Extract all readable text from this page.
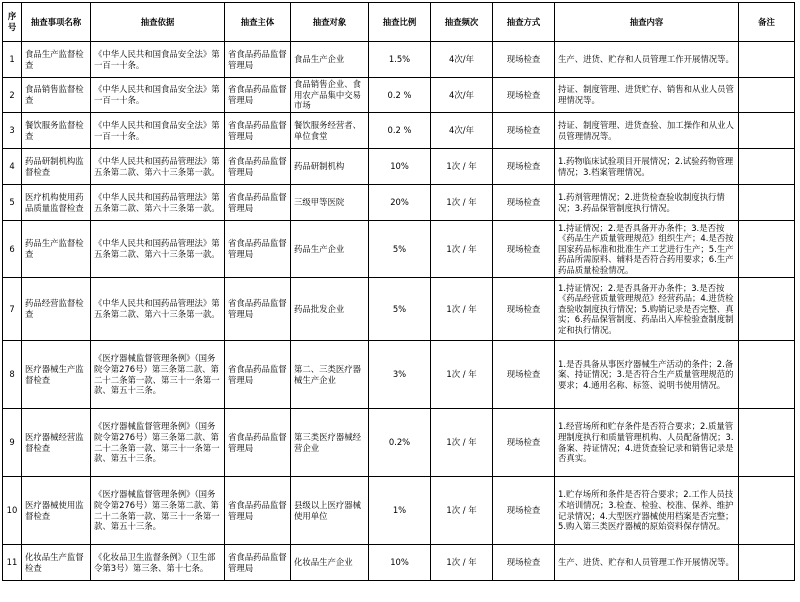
序号	抽查事项名称	抽查依据	抽查主体	抽查对象	抽查比例	抽查频次	抽查方式	抽查内容	备注
1	食品生产监督检查	《中华人民共和国食品安全法》第一百一十条。	省食品药品监督管理局	食品生产企业	1.5%	4次/年	现场检查	生产、进货、贮存和人员管理工作开展情况等。	
2	食品销售监督检查	《中华人民共和国食品安全法》第一百一十条。	省食品药品监督管理局	食品销售企业、食用农产品集中交易市场	0.2 %	4次/年	现场检查	持证、制度管理、进货贮存、销售和从业人员管理情况等。	
3	餐饮服务监督检查	《中华人民共和国食品安全法》第一百一十条。	省食品药品监督管理局	餐饮服务经营者、单位食堂	0.2 %	4次/年	现场检查	持证、制度管理、进货查验、加工操作和从业人员管理情况等。	
4	药品研制机构监督检查	《中华人民共和国药品管理法》第五条第二款、第六十三条第一款。	省食品药品监督管理局	药品研制机构	10%	1次 / 年	现场检查	1.药物临床试验项目开展情况；2.试验药物管理情况；3.档案管理情况。	
5	医疗机构使用药品质量监督检查	《中华人民共和国药品管理法》第五条第二款、第六十三条第一款。	省食品药品监督管理局	三级甲等医院	20%	1次 / 年	现场检查	1.药剂管理情况；2.进货检查验收制度执行情况；3.药品保管制度执行情况。	
6	药品生产监督检查	《中华人民共和国药品管理法》第五条第二款、第六十三条第一款。	省食品药品监督管理局	药品生产企业	5%	1次 / 年	现场检查	1.持证情况；2.是否具备开办条件；3.是否按《药品生产质量管理规范》组织生产；4.是否按国家药品标准和批准生产工艺进行生产；5.生产药品所需原料、辅料是否符合药用要求；6.生产药品质量检验情况。	
7	药品经营监督检查	《中华人民共和国药品管理法》第五条第二款、第六十三条第一款。	省食品药品监督管理局	药品批发企业	5%	1次 / 年	现场检查	1.持证情况；2.是否具备开办条件；3.是否按《药品经营质量管理规范》经营药品；4.进货检查验收制度执行情况；5.购销记录是否完整、真实；6.药品保管制度、药品出入库检验查制度制定和执行情况。	
8	医疗器械生产监督检查	《医疗器械监督管理条例》（国务院令第276号）第三条第二款、第二十二条第一款、第三十一条第一款、第五十三条。	省食品药品监督管理局	第二、三类医疗器械生产企业	3%	1次 / 年	现场检查	1.是否具备从事医疗器械生产活动的条件；2.备案、持证情况；3.是否符合生产质量管理规范的要求；4.通用名称、标签、说明书使用情况。	
9	医疗器械经营监督检查	《医疗器械监督管理条例》（国务院令第276号）第三条第二款、第二十二条第一款、第三十一条第一款、第五十三条。	省食品药品监督管理局	第三类医疗器械经营企业	0.2%	1次 / 年	现场检查	1.经营场所和贮存条件是否符合要求；2.质量管理制度执行和质量管理机构、人员配备情况；3.备案、持证情况；4.进货查验记录和销售记录是否真实。	
10	医疗器械使用监督检查	《医疗器械监督管理条例》（国务院令第276号）第三条第二款、第二十二条第一款、第三十一条第一款、第五十三条。	省食品药品监督管理局	县级以上医疗器械使用单位	1%	1次 / 年	现场检查	1.贮存场所和条件是否符合要求；2.工作人员技术培训情况；3.检查、检验、校准、保养、维护记录情况；4.大型医疗器械使用档案是否完整；5.购入第三类医疗器械的原始资料保存情况。	
11	化妆品生产监督检查	《化妆品卫生监督条例》（卫生部令第3号）第三条、第十七条。	省食品药品监督管理局	化妆品生产企业	10%	1次 / 年	现场检查	生产、进货、贮存和人员管理工作开展情况等。	
